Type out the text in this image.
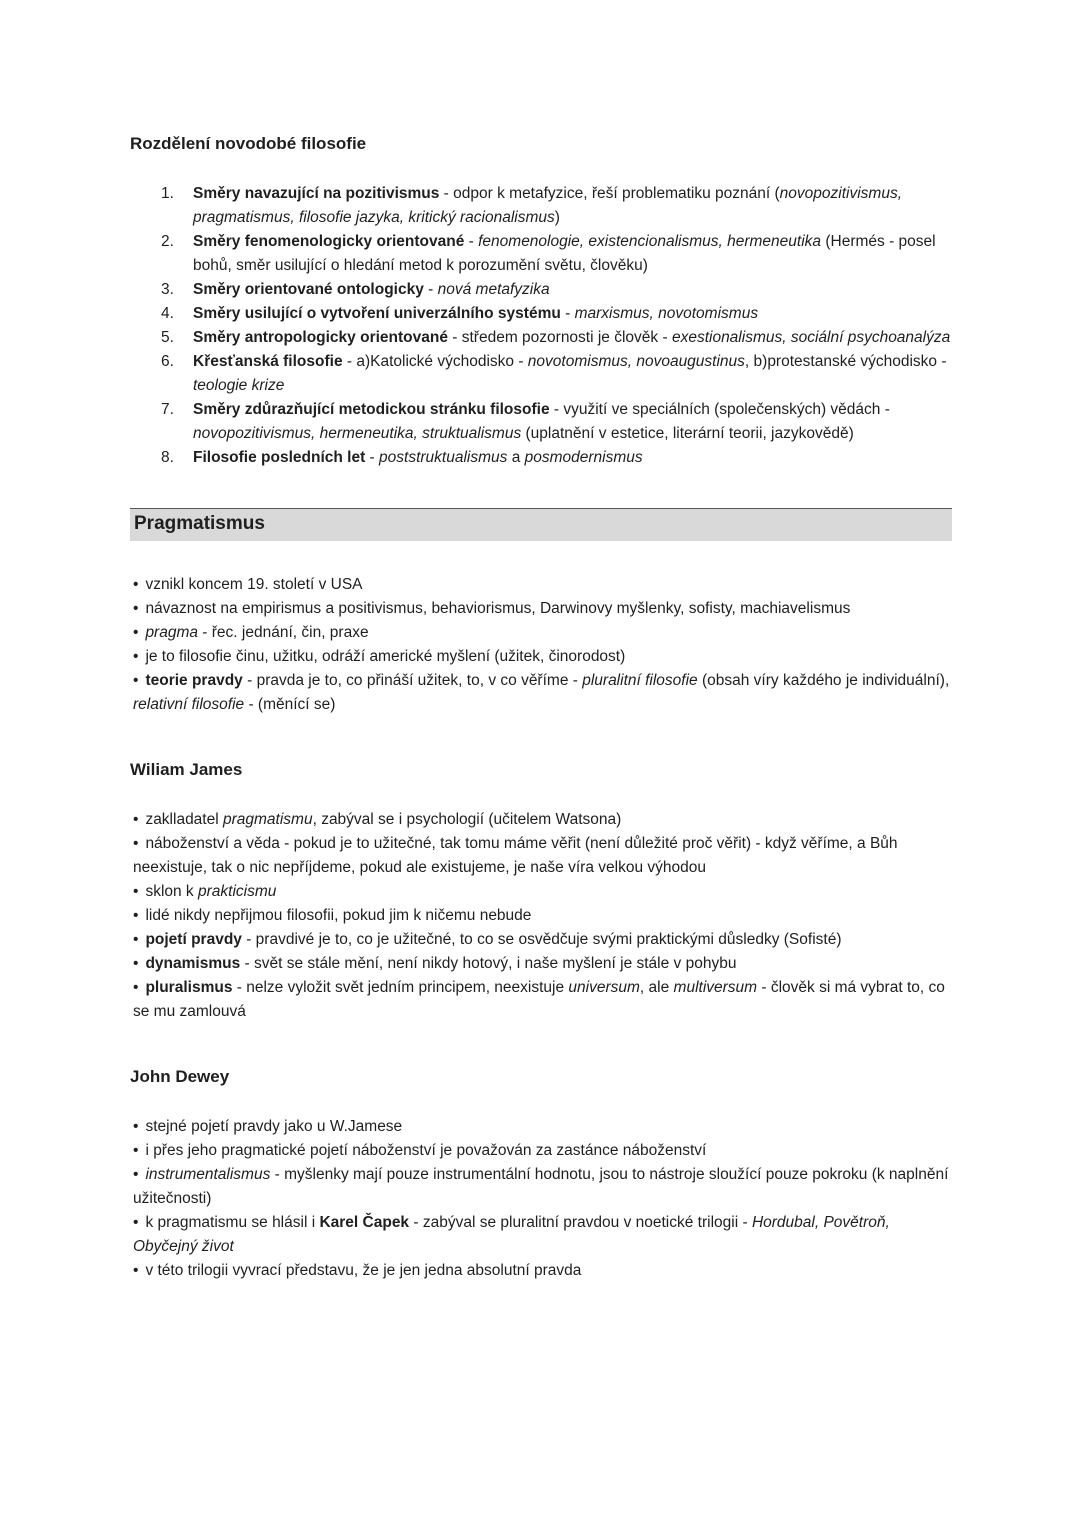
Rozdělení novodobé filosofie
Směry navazující na pozitivismus - odpor k metafyzice, řeší problematiku poznání (novopozitivismus, pragmatismus, filosofie jazyka, kritický racionalismus)
Směry fenomenologicky orientované - fenomenologie, existencionalismus, hermeneutika (Hermés - posel bohů, směr usilující o hledání metod k porozumění světu, člověku)
Směry orientované ontologicky - nová metafyzika
Směry usilující o vytvoření univerzálního systému - marxismus, novotomismus
Směry antropologicky orientované - středem pozornosti je člověk - exestionalismus, sociální psychoanalýza
Křesťanská filosofie - a)Katolické východisko - novotomismus, novoaugustinus, b)protestanské východisko - teologie krize
Směry zdůrazňující metodickou stránku filosofie - využití ve speciálních (společenských) vědách - novopozitivismus, hermeneutika, struktualismus (uplatnění v estetice, literární teorii, jazykovědě)
Filosofie posledních let - poststruktualismus a posmodernismus
Pragmatismus
• vznikl koncem 19. století v USA
• návaznost na empirismus a positivismus, behaviorismus, Darwinovy myšlenky, sofisty, machiavelismus
• pragma - řec. jednání, čin, praxe
• je to filosofie činu, užitku, odráží americké myšlení (užitek, činorodost)
• teorie pravdy - pravda je to, co přináší užitek, to, v co věříme - pluralitní filosofie (obsah víry každého je individuální), relativní filosofie - (měnící se)
Wiliam James
• zaklladatel pragmatismu, zabýval se i psychologií (učitelem Watsona)
• náboženství a věda - pokud je to užitečné, tak tomu máme věřit (není důležité proč věřit) - když věříme, a Bůh neexistuje, tak o nic nepříjdeme, pokud ale existujeme, je naše víra velkou výhodou
• sklon k prakticismu
• lidé nikdy nepřijmou filosofii, pokud jim k ničemu nebude
• pojetí pravdy - pravdivé je to, co je užitečné, to co se osvědčuje svými praktickými důsledky (Sofisté)
• dynamismus - svět se stále mění, není nikdy hotový, i naše myšlení je stále v pohybu
• pluralismus - nelze vyložit svět jedním principem, neexistuje universum, ale multiversum - člověk si má vybrat to, co se mu zamlouvá
John Dewey
• stejné pojetí pravdy jako u W.Jamese
• i přes jeho pragmatické pojetí náboženství je považován za zastánce náboženství
• instrumentalismus - myšlenky mají pouze instrumentální hodnotu, jsou to nástroje sloužící pouze pokroku (k naplnění užitečnosti)
• k pragmatismu se hlásil i Karel Čapek - zabýval se pluralitní pravdou v noetické trilogii - Hordubal, Povětroň, Obyčejný život
• v této trilogii vyvrací představu, že je jen jedna absolutní pravda
